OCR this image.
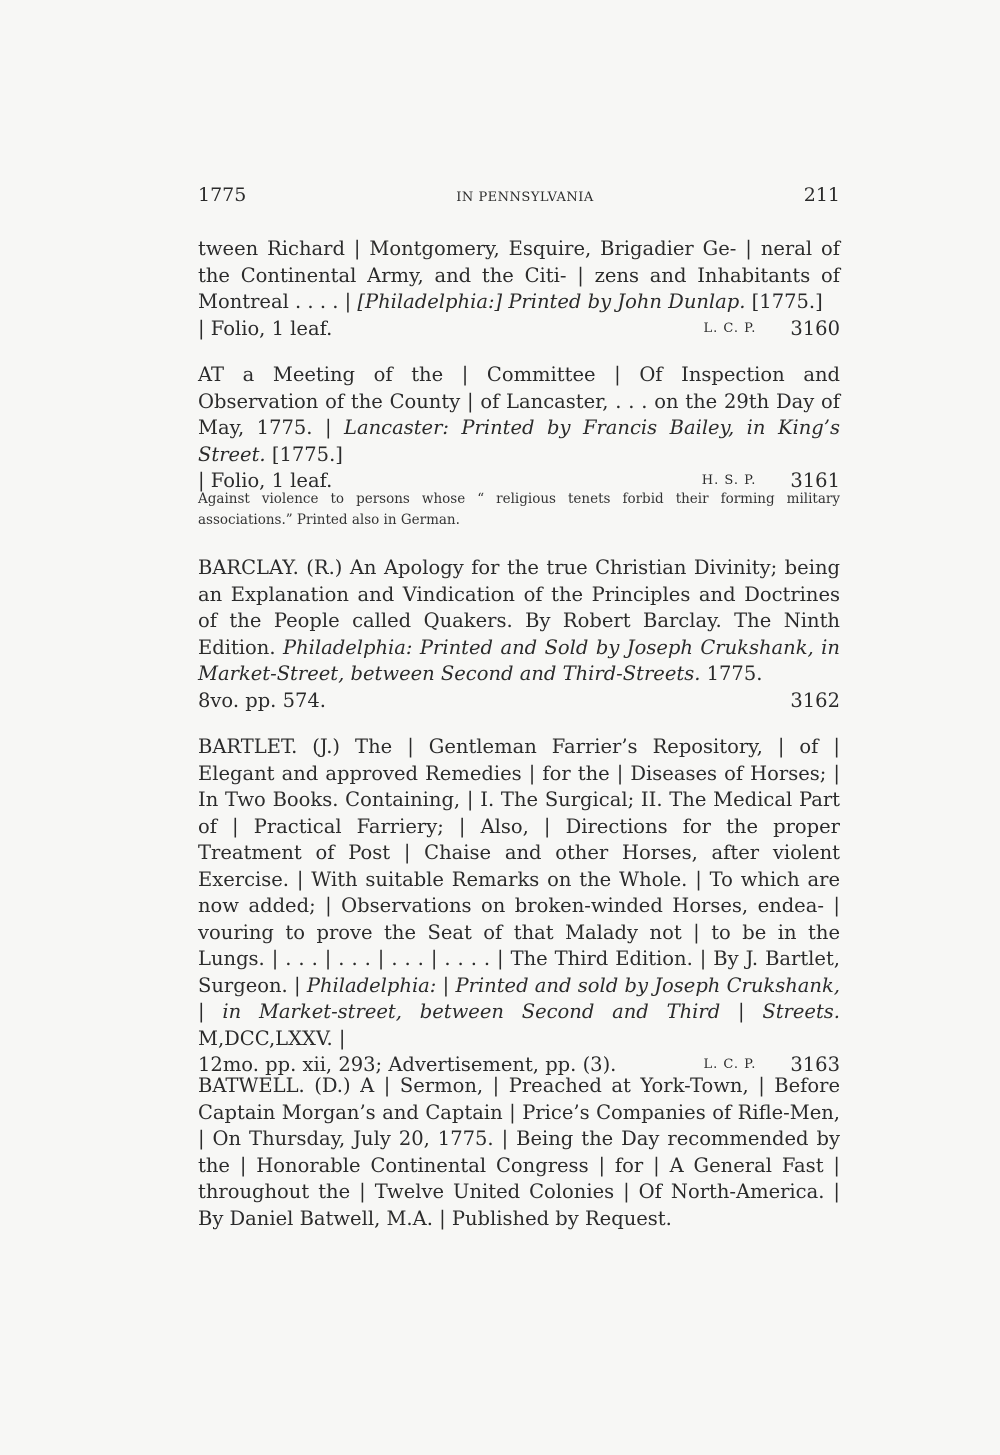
1775	IN PENNSYLVANIA	211
tween Richard | Montgomery, Esquire, Brigadier Ge- | neral of the Continental Army, and the Citi- | zens and Inhabitants of Montreal . . . . | [Philadelphia:] Printed by John Dunlap. [1775.]
| Folio, 1 leaf.	L. C. P. 3160
AT a Meeting of the | Committee | Of Inspection and Observation of the County | of Lancaster, . . . on the 29th Day of May, 1775. | Lancaster: Printed by Francis Bailey, in King’s Street. [1775.]
| Folio, 1 leaf.	H. S. P. 3161
Against violence to persons whose “ religious tenets forbid their forming military associations.” Printed also in German.
BARCLAY. (R.) An Apology for the true Christian Divinity; being an Explanation and Vindication of the Principles and Doctrines of the People called Quakers. By Robert Barclay. The Ninth Edition. Philadelphia: Printed and Sold by Joseph Crukshank, in Market-Street, between Second and Third-Streets. 1775.
8vo. pp. 574.	3162
BARTLET. (J.) The | Gentleman Farrier’s Repository, | of | Elegant and approved Remedies | for the | Diseases of Horses; | In Two Books. Containing, | I. The Surgical; II. The Medical Part of | Practical Farriery; | Also, | Directions for the proper Treatment of Post | Chaise and other Horses, after violent Exercise. | With suitable Remarks on the Whole. | To which are now added; | Observations on broken-winded Horses, endea- | vouring to prove the Seat of that Malady not | to be in the Lungs. | . . . | . . . | . . . | . . . . | The Third Edition. | By J. Bartlet, Surgeon. | Philadelphia: | Printed and sold by Joseph Crukshank, | in Market-street, between Second and Third | Streets. M,DCC,LXXV. |
12mo. pp. xii, 293; Advertisement, pp. (3).	L. C. P. 3163
BATWELL. (D.) A | Sermon, | Preached at York-Town, | Before Captain Morgan’s and Captain | Price’s Companies of Rifle-Men, | On Thursday, July 20, 1775. | Being the Day recommended by the | Honorable Continental Congress | for | A General Fast | throughout the | Twelve United Colonies | Of North-America. | By Daniel Batwell, M.A. | Published by Request.
